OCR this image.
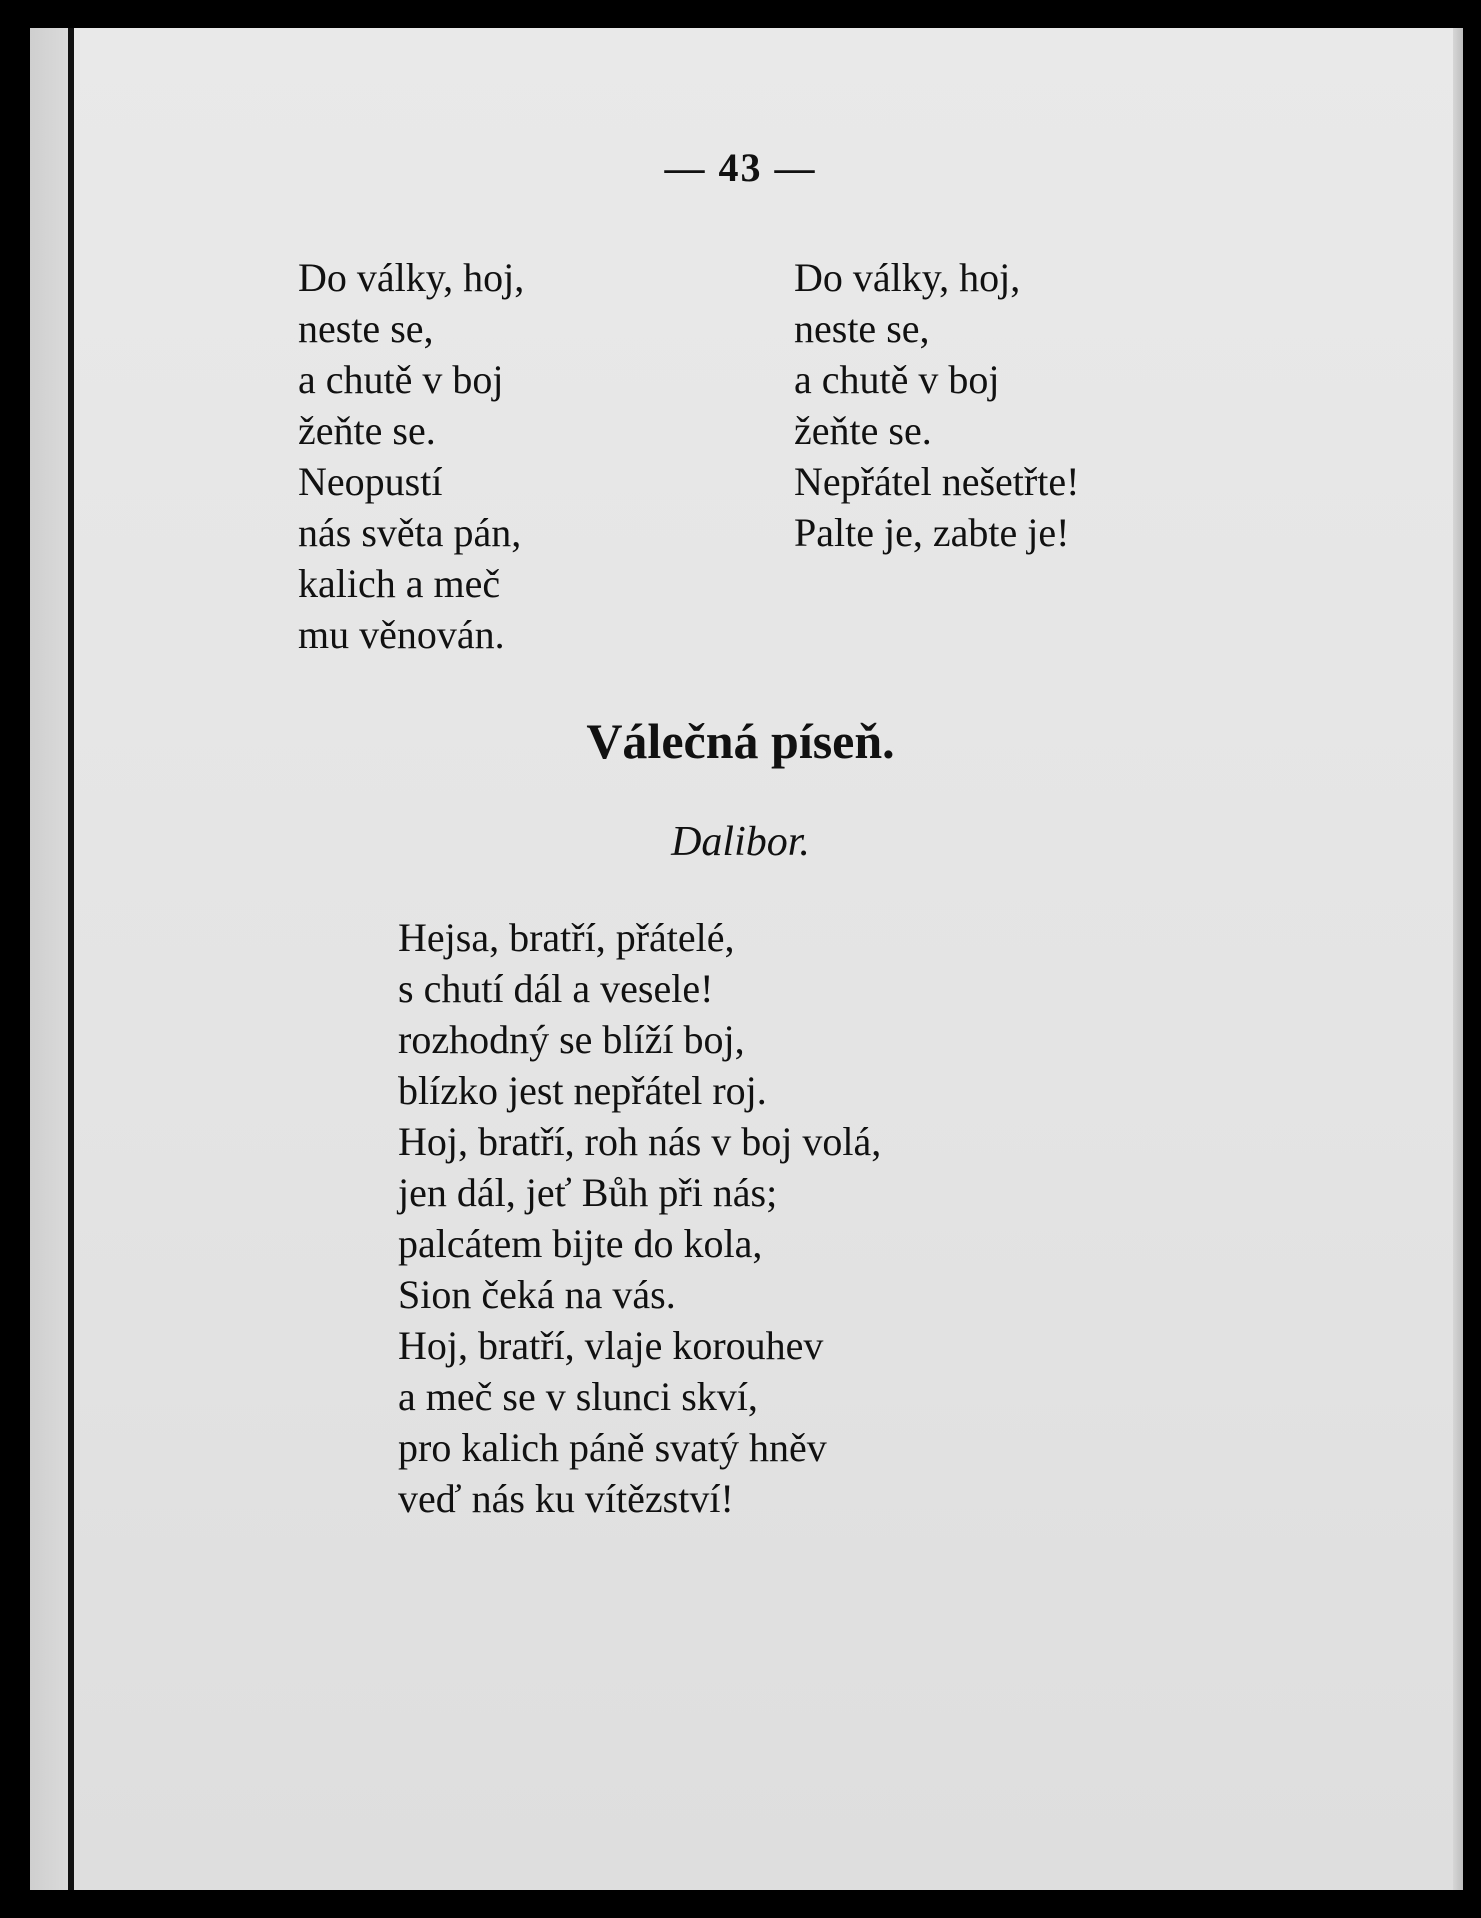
— 43 —
Do války, hoj,
neste se,
a chutě v boj
žeňte se.
Neopustí
nás světa pán,
kalich a meč
mu věnován.
Do války, hoj,
neste se,
a chutě v boj
žeňte se.
Nepřátel nešetřte!
Palte je, zabte je!
Válečná píseň.
Dalibor.
Hejsa, bratří, přátelé,
s chutí dál a vesele!
rozhodný se blíží boj,
blízko jest nepřátel roj.
Hoj, bratří, roh nás v boj volá,
jen dál, jeť Bůh při nás;
palcátem bijte do kola,
Sion čeká na vás.
Hoj, bratří, vlaje korouhev
a meč se v slunci skví,
pro kalich páně svatý hněv
veď nás ku vítězství!
